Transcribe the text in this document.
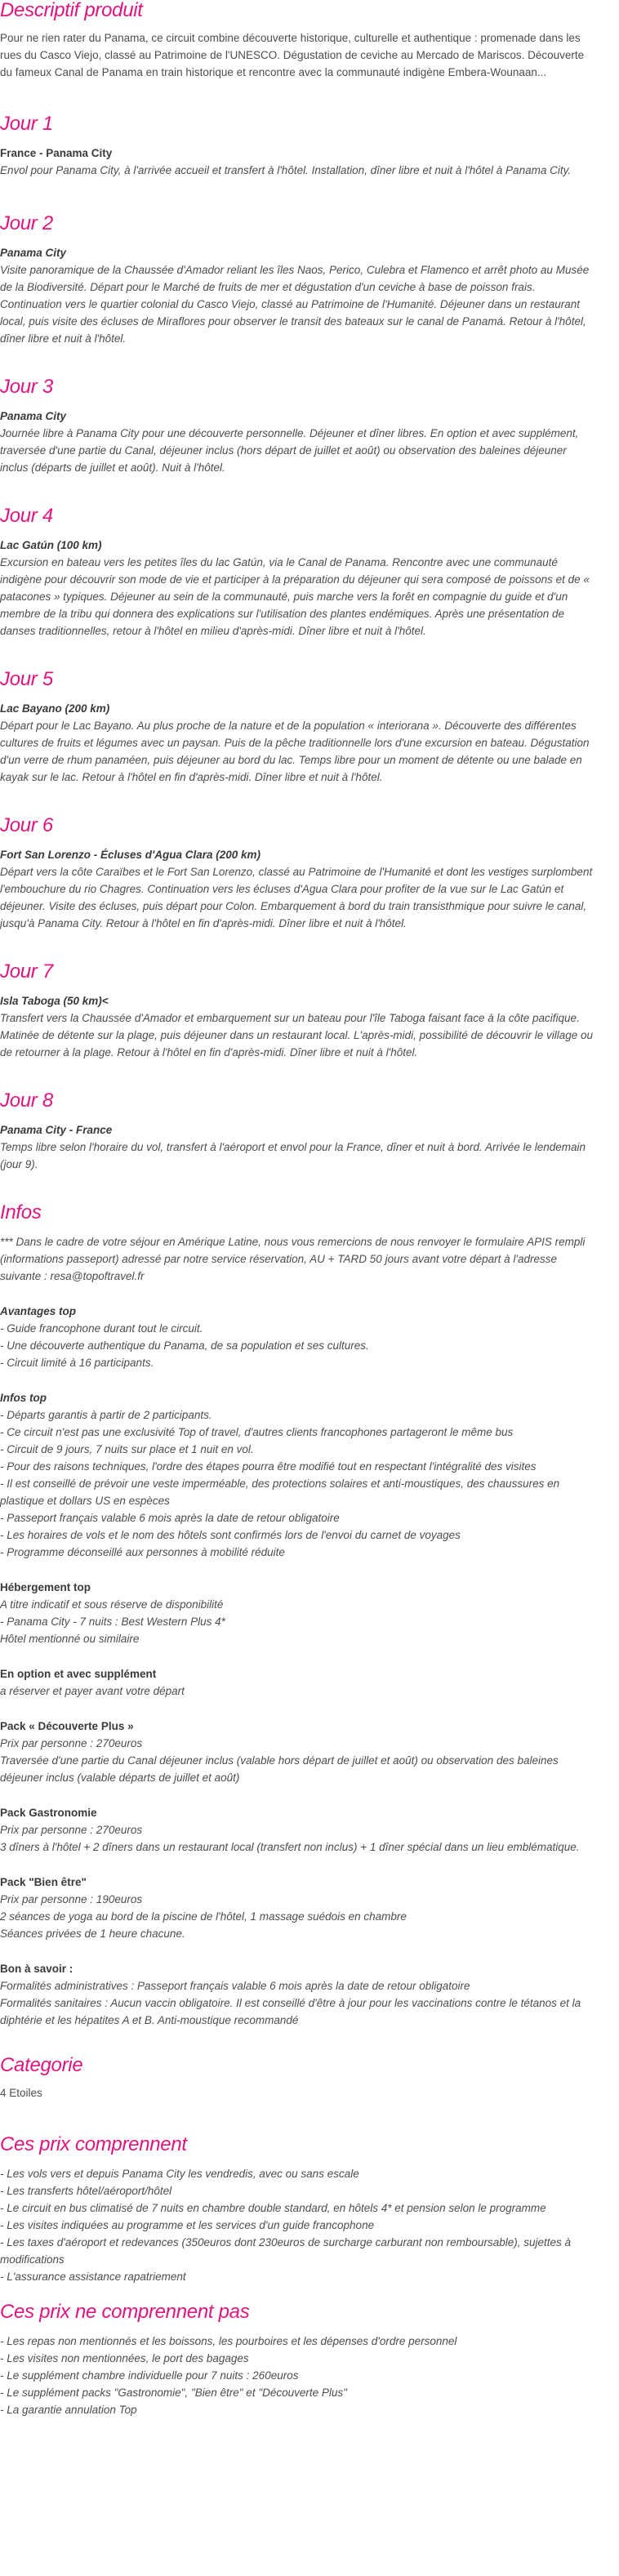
Descriptif produit

Pour ne rien rater du Panama, ce circuit combine découverte historique, culturelle et authentique : promenade dans les rues du Casco Viejo, classé au Patrimoine de l'UNESCO. Dégustation de ceviche au Mercado de Mariscos. Découverte du fameux Canal de Panama en train historique et rencontre avec la communauté indigène Embera-Wounaan...

Jour 1

France - Panama City

Envol pour Panama City, à l'arrivée accueil et transfert à l'hôtel. Installation, dîner libre et nuit à l'hôtel à Panama City.

Jour 2

Panama City

Visite panoramique de la Chaussée d'Amador reliant les îles Naos, Perico, Culebra et Flamenco et arrêt photo au Musée de la Biodiversité. Départ pour le Marché de fruits de mer et dégustation d'un ceviche à base de poisson frais. Continuation vers le quartier colonial du Casco Viejo, classé au Patrimoine de l'Humanité. Déjeuner dans un restaurant local, puis visite des écluses de Miraflores pour observer le transit des bateaux sur le canal de Panamá. Retour à l'hôtel, dîner libre et nuit à l'hôtel.

Jour 3

Panama City

Journée libre à Panama City pour une découverte personnelle. Déjeuner et dîner libres. En option et avec supplément, traversée d'une partie du Canal, déjeuner inclus (hors départ de juillet et août) ou observation des baleines déjeuner inclus (départs de juillet et août). Nuit à l'hôtel.

Jour 4

Lac Gatún (100 km)

Excursion en bateau vers les petites îles du lac Gatún, via le Canal de Panama. Rencontre avec une communauté indigène pour découvrir son mode de vie et participer à la préparation du déjeuner qui sera composé de poissons et de « patacones » typiques. Déjeuner au sein de la communauté, puis marche vers la forêt en compagnie du guide et d'un membre de la tribu qui donnera des explications sur l'utilisation des plantes endémiques. Après une présentation de danses traditionnelles, retour à l'hôtel en milieu d'après-midi. Dîner libre et nuit à l'hôtel.

Jour 5

Lac Bayano (200 km)

Départ pour le Lac Bayano. Au plus proche de la nature et de la population « interiorana ». Découverte des différentes cultures de fruits et légumes avec un paysan. Puis de la pêche traditionnelle lors d'une excursion en bateau. Dégustation d'un verre de rhum panaméen, puis déjeuner au bord du lac. Temps libre pour un moment de détente ou une balade en kayak sur le lac. Retour à l'hôtel en fin d'après-midi. Dîner libre et nuit à l'hôtel.

Jour 6

Fort San Lorenzo - Écluses d'Agua Clara (200 km)

Départ vers la côte Caraïbes et le Fort San Lorenzo, classé au Patrimoine de l'Humanité et dont les vestiges surplombent l'embouchure du rio Chagres. Continuation vers les écluses d'Agua Clara pour profiter de la vue sur le Lac Gatún et déjeuner. Visite des écluses, puis départ pour Colon. Embarquement à bord du train transisthmique pour suivre le canal, jusqu'à Panama City. Retour à l'hôtel en fin d'après-midi. Dîner libre et nuit à l'hôtel.

Jour 7

Isla Taboga (50 km)<

Transfert vers la Chaussée d'Amador et embarquement sur un bateau pour l'île Taboga faisant face à la côte pacifique. Matinée de détente sur la plage, puis déjeuner dans un restaurant local. L'après-midi, possibilité de découvrir le village ou de retourner à la plage. Retour à l'hôtel en fin d'après-midi. Dîner libre et nuit à l'hôtel.

Jour 8

Panama City - France

Temps libre selon l'horaire du vol, transfert à l'aéroport et envol pour la France, dîner et nuit à bord. Arrivée le lendemain (jour 9).

Infos

*** Dans le cadre de votre séjour en Amérique Latine, nous vous remercions de nous renvoyer le formulaire APIS rempli (informations passeport) adressé par notre service réservation, AU + TARD 50 jours avant votre départ à l'adresse suivante : resa@topoftravel.fr

Avantages top

- Guide francophone durant tout le circuit.
- Une découverte authentique du Panama, de sa population et ses cultures.
- Circuit limité à 16 participants.

Infos top

- Départs garantis à partir de 2 participants.
- Ce circuit n'est pas une exclusivité Top of travel, d'autres clients francophones partageront le même bus
- Circuit de 9 jours, 7 nuits sur place et 1 nuit en vol.
- Pour des raisons techniques, l'ordre des étapes pourra être modifié tout en respectant l'intégralité des visites
- Il est conseillé de prévoir une veste imperméable, des protections solaires et anti-moustiques, des chaussures en plastique et dollars US en espèces
- Passeport français valable 6 mois après la date de retour obligatoire
- Les horaires de vols et le nom des hôtels sont confirmés lors de l'envoi du carnet de voyages
- Programme déconseillé aux personnes à mobilité réduite

Hébergement top

A titre indicatif et sous réserve de disponibilité
- Panama City - 7 nuits : Best Western Plus 4*
Hôtel mentionné ou similaire

En option et avec supplément

a réserver et payer avant votre départ

Pack « Découverte Plus »

Prix par personne : 270euros
Traversée d'une partie du Canal déjeuner inclus (valable hors départ de juillet et août) ou observation des baleines déjeuner inclus (valable départs de juillet et août)

Pack Gastronomie

Prix par personne : 270euros
3 dîners à l'hôtel + 2 dîners dans un restaurant local (transfert non inclus) + 1 dîner spécial dans un lieu emblématique.

Pack "Bien être"

Prix par personne : 190euros
2 séances de yoga au bord de la piscine de l'hôtel, 1 massage suédois en chambre
Séances privées de 1 heure chacune.

Bon à savoir :

Formalités administratives : Passeport français valable 6 mois après la date de retour obligatoire
Formalités sanitaires : Aucun vaccin obligatoire. Il est conseillé d'être à jour pour les vaccinations contre le tétanos et la diphtérie et les hépatites A et B. Anti-moustique recommandé

Categorie

4 Etoiles

Ces prix comprennent

- Les vols vers et depuis Panama City les vendredis, avec ou sans escale
- Les transferts hôtel/aéroport/hôtel
- Le circuit en bus climatisé de 7 nuits en chambre double standard, en hôtels 4* et pension selon le programme
- Les visites indiquées au programme et les services d'un guide francophone
- Les taxes d'aéroport et redevances (350euros dont 230euros de surcharge carburant non remboursable), sujettes à modifications
- L'assurance assistance rapatriement

Ces prix ne comprennent pas

- Les repas non mentionnés et les boissons, les pourboires et les dépenses d'ordre personnel
- Les visites non mentionnées, le port des bagages
- Le supplément chambre individuelle pour 7 nuits : 260euros
- Le supplément packs "Gastronomie", "Bien être" et "Découverte Plus"
- La garantie annulation Top
